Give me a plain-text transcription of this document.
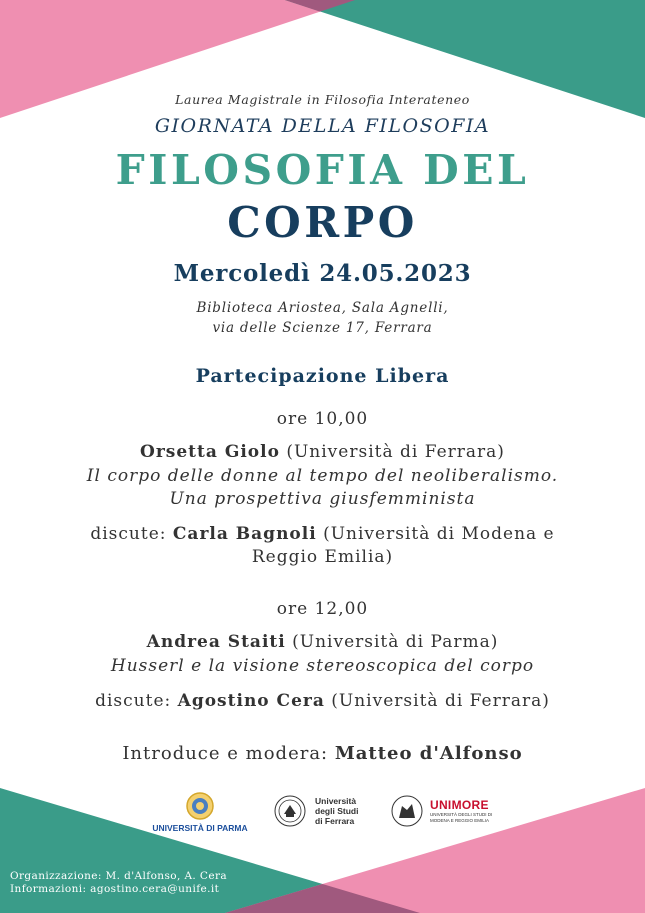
Laurea Magistrale in Filosofia Interateneo
GIORNATA DELLA FILOSOFIA
FILOSOFIA DEL
CORPO
Mercoledì 24.05.2023
Biblioteca Ariostea, Sala Agnelli,
via delle Scienze 17, Ferrara
Partecipazione Libera
ore 10,00
Orsetta Giolo (Università di Ferrara)
Il corpo delle donne al tempo del neoliberalismo.
Una prospettiva giusfemminista
discute: Carla Bagnoli (Università di Modena e
Reggio Emilia)
ore 12,00
Andrea Staiti (Università di Parma)
Husserl e la visione stereoscopica del corpo
discute: Agostino Cera (Università di Ferrara)
Introduce e modera: Matteo d'Alfonso
UNIVERSITÀ DI PARMA
Università
degli Studi
di Ferrara
UNIMORE
UNIVERSITÀ DEGLI STUDI DI
MODENA E REGGIO EMILIA
Organizzazione: M. d'Alfonso, A. Cera
Informazioni: agostino.cera@unife.it
